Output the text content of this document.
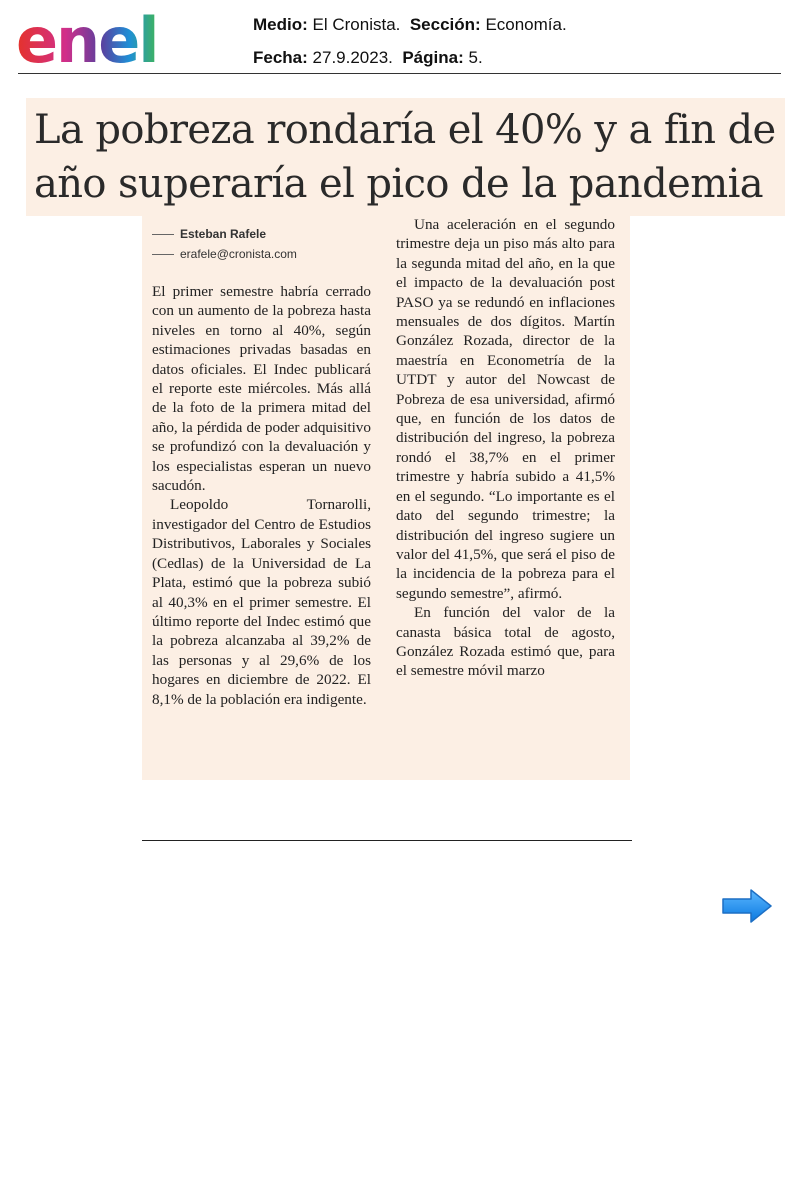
enel	Medio: El Cronista. Sección: Economía.
Fecha: 27.9.2023. Página: 5.
La pobreza rondaría el 40% y a fin de año superaría el pico de la pandemia
Esteban Rafele
erafele@cronista.com

El primer semestre habría cerrado con un aumento de la pobreza hasta niveles en torno al 40%, según estimaciones privadas basadas en datos oficiales. El Indec publicará el reporte este miércoles. Más allá de la foto de la primera mitad del año, la pérdida de poder adquisitivo se profundizó con la devaluación y los especialistas esperan un nuevo sacudón.

Leopoldo Tornarolli, investigador del Centro de Estudios Distributivos, Laborales y Sociales (Cedlas) de la Universidad de La Plata, estimó que la pobreza subió al 40,3% en el primer semestre. El último reporte del Indec estimó que la pobreza alcanzaba al 39,2% de las personas y al 29,6% de los hogares en diciembre de 2022. El 8,1% de la población era indigente.

Una aceleración en el segundo trimestre deja un piso más alto para la segunda mitad del año, en la que el impacto de la devaluación post PASO ya se redundó en inflaciones mensuales de dos dígitos. Martín González Rozada, director de la maestría en Econometría de la UTDT y autor del Nowcast de Pobreza de esa universidad, afirmó que, en función de los datos de distribución del ingreso, la pobreza rondó el 38,7% en el primer trimestre y habría subido a 41,5% en el segundo. “Lo importante es el dato del segundo trimestre; la distribución del ingreso sugiere un valor del 41,5%, que será el piso de la incidencia de la pobreza para el segundo semestre”, afirmó.

En función del valor de la canasta básica total de agosto, González Rozada estimó que, para el semestre móvil marzo
